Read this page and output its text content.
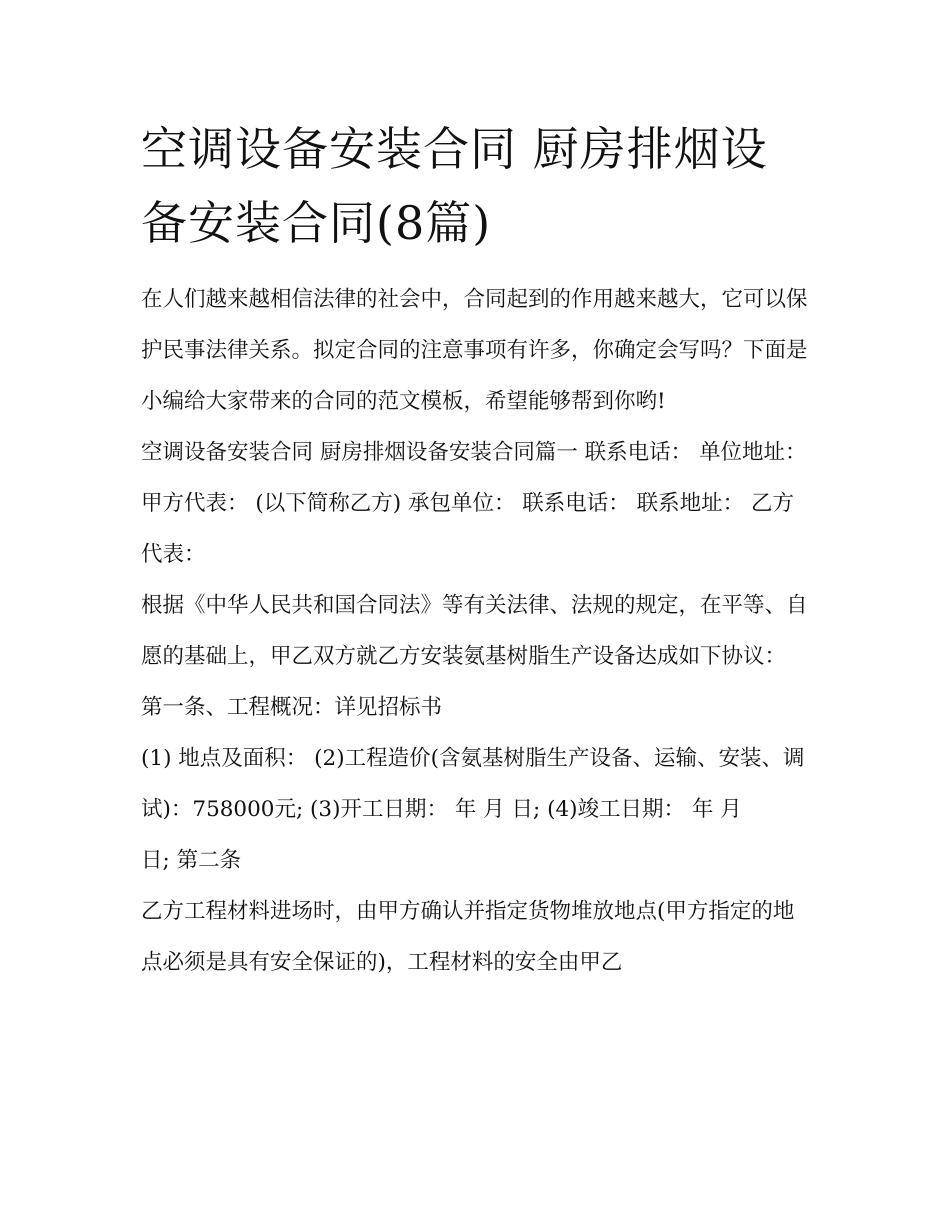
空调设备安装合同 厨房排烟设备安装合同(8篇)

在人们越来越相信法律的社会中，合同起到的作用越来越大，它可以保护民事法律关系。拟定合同的注意事项有许多，你确定会写吗？下面是小编给大家带来的合同的范文模板，希望能够帮到你哟!

空调设备安装合同 厨房排烟设备安装合同篇一 联系电话： 单位地址： 甲方代表： (以下简称乙方) 承包单位： 联系电话： 联系地址： 乙方代表：

根据《中华人民共和国合同法》等有关法律、法规的规定，在平等、自愿的基础上，甲乙双方就乙方安装氨基树脂生产设备达成如下协议： 第一条、工程概况：详见招标书

(1) 地点及面积： (2)工程造价(含氨基树脂生产设备、运输、安装、调试)：758000元; (3)开工日期： 年 月 日; (4)竣工日期： 年 月

日; 第二条

乙方工程材料进场时，由甲方确认并指定货物堆放地点(甲方指定的地点必须是具有安全保证的)，工程材料的安全由甲乙
